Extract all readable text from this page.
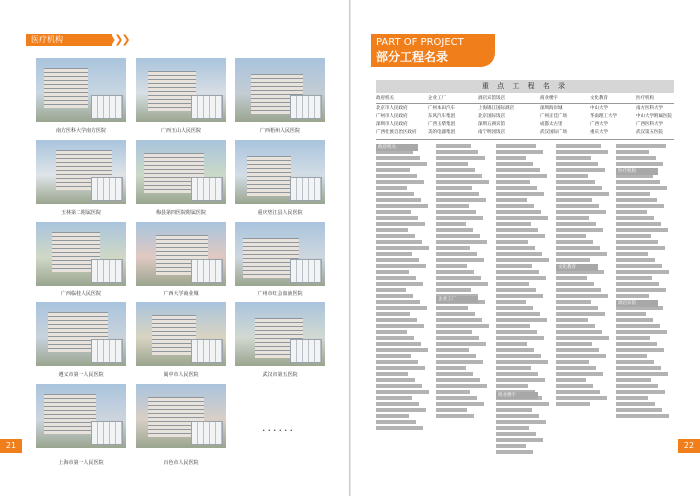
医疗机构	❯❯❯
南方医科大学南方医院	广西玉山人民医院	广西梧州人民医院
玉林第二附属医院	梅县第四医院附属医院	重庆垫江县人民医院
广西临桂人民医院	广西大学商业城	广州市红会血液医院
遵义市第一人民医院	阆中市人民医院	武汉市第五医院
上海市第一人民医院	百色市人民医院
......
21
PART OF PROJECT
部分工程名录
重 点 工 程 名 录
政府机关	企业工厂	酒店宾馆饭店	商业楼宇	文化教育	医疗机构
北京市人民政府	广州本田汽车	上海锦江国际酒店	深圳海岸城	中山大学	南方医科大学
广州市人民政府	东风汽车集团	北京国际饭店	广州正佳广场	华南理工大学	中山大学附属医院
深圳市人民政府	广西玉柴集团	深圳五洲宾馆	成都太古里	广西大学	广西医科大学
广西壮族自治区政府	美的电器集团	南宁明园饭店	武汉国际广场	重庆大学	武汉第五医院
22
政府机关
企业工厂
商业楼宇
文化教育
医疗机构
酒店宾馆
